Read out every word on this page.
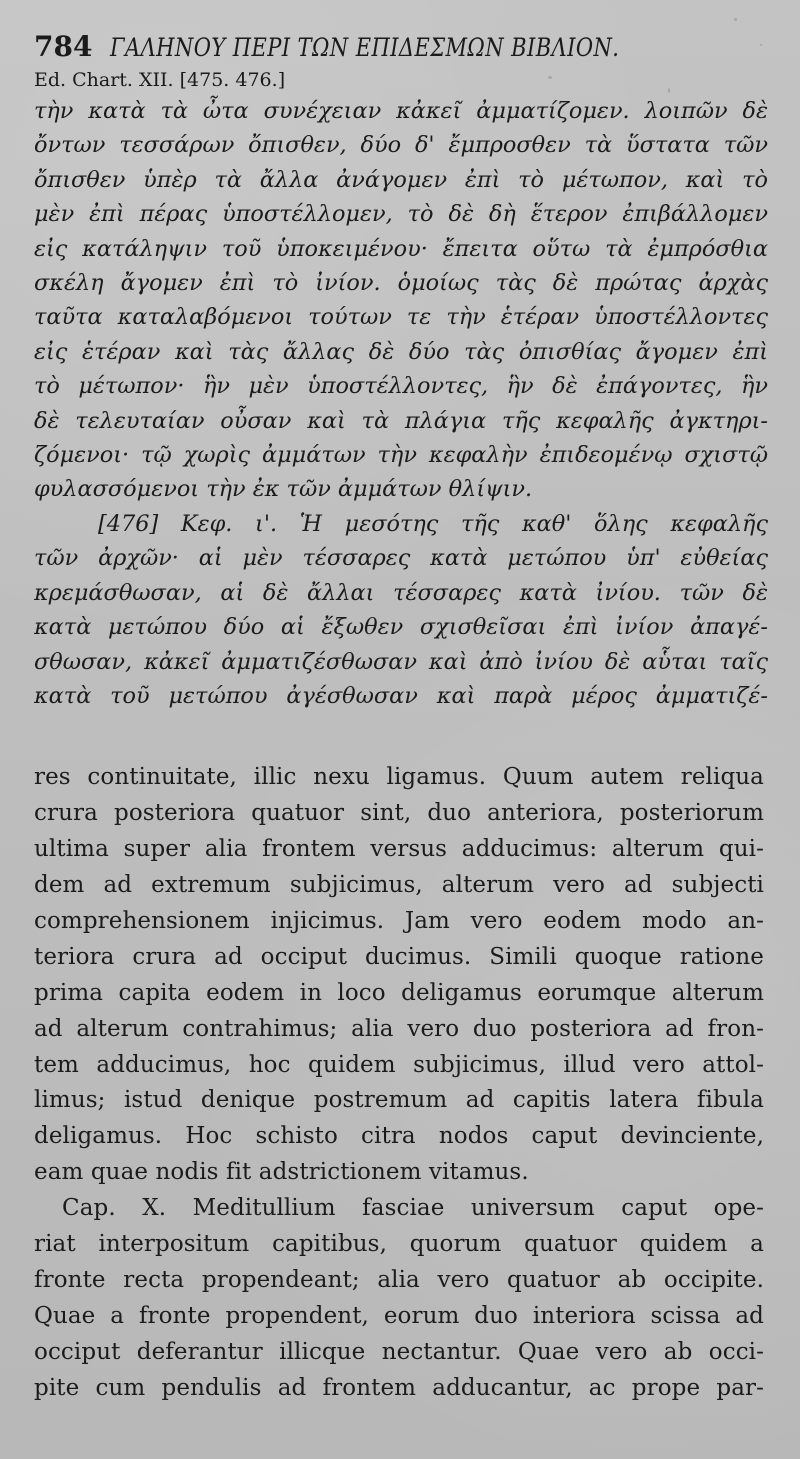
784 ΓΑΛΗΝΟΥ ΠΕΡΙ ΤΩΝ ΕΠΙΔΕΣΜΩΝ ΒΙΒΛΙΟΝ.
Ed. Chart. XII. [475. 476.]
τὴν κατὰ τὰ ὦτα συνέχειαν κἀκεῖ ἀμματίζομεν. λοιπῶν δὲ
ὄντων τεσσάρων ὄπισθεν, δύο δ' ἔμπροσθεν τὰ ὕστατα τῶν
ὄπισθεν ὑπὲρ τὰ ἄλλα ἀνάγομεν ἐπὶ τὸ μέτωπον, καὶ τὸ
μὲν ἐπὶ πέρας ὑποστέλλομεν, τὸ δὲ δὴ ἕτερον ἐπιβάλλομεν
εἰς κατάληψιν τοῦ ὑποκειμένου· ἔπειτα οὕτω τὰ ἐμπρόσθια
σκέλη ἄγομεν ἐπὶ τὸ ἰνίον. ὁμοίως τὰς δὲ πρώτας ἀρχὰς
ταῦτα καταλαβόμενοι τούτων τε τὴν ἑτέραν ὑποστέλλοντες
εἰς ἑτέραν καὶ τὰς ἄλλας δὲ δύο τὰς ὀπισθίας ἄγομεν ἐπὶ
τὸ μέτωπον· ἣν μὲν ὑποστέλλοντες, ἣν δὲ ἐπάγοντες, ἣν
δὲ τελευταίαν οὖσαν καὶ τὰ πλάγια τῆς κεφαλῆς ἀγκτηρι-
ζόμενοι· τῷ χωρὶς ἀμμάτων τὴν κεφαλὴν ἐπιδεομένῳ σχιστῷ
φυλασσόμενοι τὴν ἐκ τῶν ἀμμάτων θλίψιν.
[476] Κεφ. ι'. Ἡ μεσότης τῆς καθ' ὅλης κεφαλῆς
τῶν ἀρχῶν· αἱ μὲν τέσσαρες κατὰ μετώπου ὑπ' εὐθείας
κρεμάσθωσαν, αἱ δὲ ἄλλαι τέσσαρες κατὰ ἰνίου. τῶν δὲ
κατὰ μετώπου δύο αἱ ἔξωθεν σχισθεῖσαι ἐπὶ ἰνίον ἀπαγέ-
σθωσαν, κἀκεῖ ἀμματιζέσθωσαν καὶ ἀπὸ ἰνίου δὲ αὗται ταῖς
κατὰ τοῦ μετώπου ἀγέσθωσαν καὶ παρὰ μέρος ἀμματιζέ-
res continuitate, illic nexu ligamus. Quum autem reliqua
crura posteriora quatuor sint, duo anteriora, posteriorum
ultima super alia frontem versus adducimus: alterum qui-
dem ad extremum subjicimus, alterum vero ad subjecti
comprehensionem injicimus. Jam vero eodem modo an-
teriora crura ad occiput ducimus. Simili quoque ratione
prima capita eodem in loco deligamus eorumque alterum
ad alterum contrahimus; alia vero duo posteriora ad fron-
tem adducimus, hoc quidem subjicimus, illud vero attol-
limus; istud denique postremum ad capitis latera fibula
deligamus. Hoc schisto citra nodos caput devinciente,
eam quae nodis fit adstrictionem vitamus.
Cap. X. Meditullium fasciae universum caput ope-
riat interpositum capitibus, quorum quatuor quidem a
fronte recta propendeant; alia vero quatuor ab occipite.
Quae a fronte propendent, eorum duo interiora scissa ad
occiput deferantur illicque nectantur. Quae vero ab occi-
pite cum pendulis ad frontem adducantur, ac prope par-
